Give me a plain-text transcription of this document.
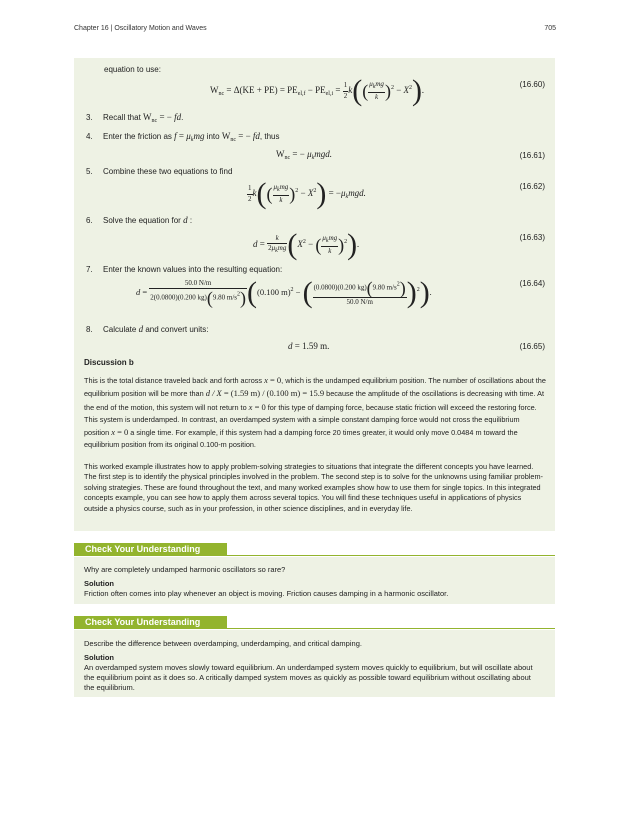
Chapter 16 | Oscillatory Motion and Waves	705
equation to use:
$W_{nc} = \Delta(KE + PE) = PE_{el,f} - PE_{el,i} = \frac{1}{2} k(( \frac{\text{μkmg}}{k} )^2 - X^2)$.
(16.60)
3. Recall that $W_{nc}$ = − fd.
4. Enter the friction as $f = \mu_kmg$ into $W_{nc}$ = − fd, thus
$W_{nc}$ = − $\mu_kmgd$.	(16.61)
5. Combine these two equations to find
$\frac{1}{2} k(( \frac{\text{μkmg}}{k} )^2 - X^2) = -\mu_kmgd$.
(16.62)
6. Solve the equation for d :
$d = \frac{k}{\text{2μkmg}} (X^2$ − ( $\frac{\text{μkmg}}{k} )^2$).
(16.63)
7. Enter the known values into the resulting equation:
$d = \frac{50.0 N/m}{2(0.0800)(0.200 kg)(9.80 m/s2)} ((0.100$ m)$^2$ − ( $\frac{(0.0800)(0.200 kg)(9.80 m/s2)}{50.0 N/m} )^2$).
(16.64)
8. Calculate d and convert units:
d = 1.59 m.	(16.65)
Discussion b

This is the total distance traveled back and forth across x = 0, which is the undamped equilibrium position. The number of oscillations about the equilibrium position will be more than d / X = (1.59 m) / (0.100 m) = 15.9 because the amplitude of the oscillations is decreasing with time. At the end of the motion, this system will not return to x = 0 for this type of damping force, because static friction will exceed the restoring force. This system is underdamped. In contrast, an overdamped system with a simple constant damping force would not cross the equilibrium position x = 0 a single time. For example, if this system had a damping force 20 times greater, it would only move 0.0484 m toward the equilibrium position from its original 0.100-m position.

This worked example illustrates how to apply problem-solving strategies to situations that integrate the different concepts you have learned. The first step is to identify the physical principles involved in the problem. The second step is to solve for the unknowns using familiar problem-solving strategies. These are found throughout the text, and many worked examples show how to use them for single topics. In this integrated concepts example, you can see how to apply them across several topics. You will find these techniques useful in applications of physics outside a physics course, such as in your profession, in other science disciplines, and in everyday life.

Check Your Understanding
Why are completely undamped harmonic oscillators so rare?
Solution
Friction often comes into play whenever an object is moving. Friction causes damping in a harmonic oscillator.
Check Your Understanding
Describe the difference between overdamping, underdamping, and critical damping.
Solution
An overdamped system moves slowly toward equilibrium. An underdamped system moves quickly to equilibrium, but will oscillate about the equilibrium point as it does so. A critically damped system moves as quickly as possible toward equilibrium without oscillating about the equilibrium.
